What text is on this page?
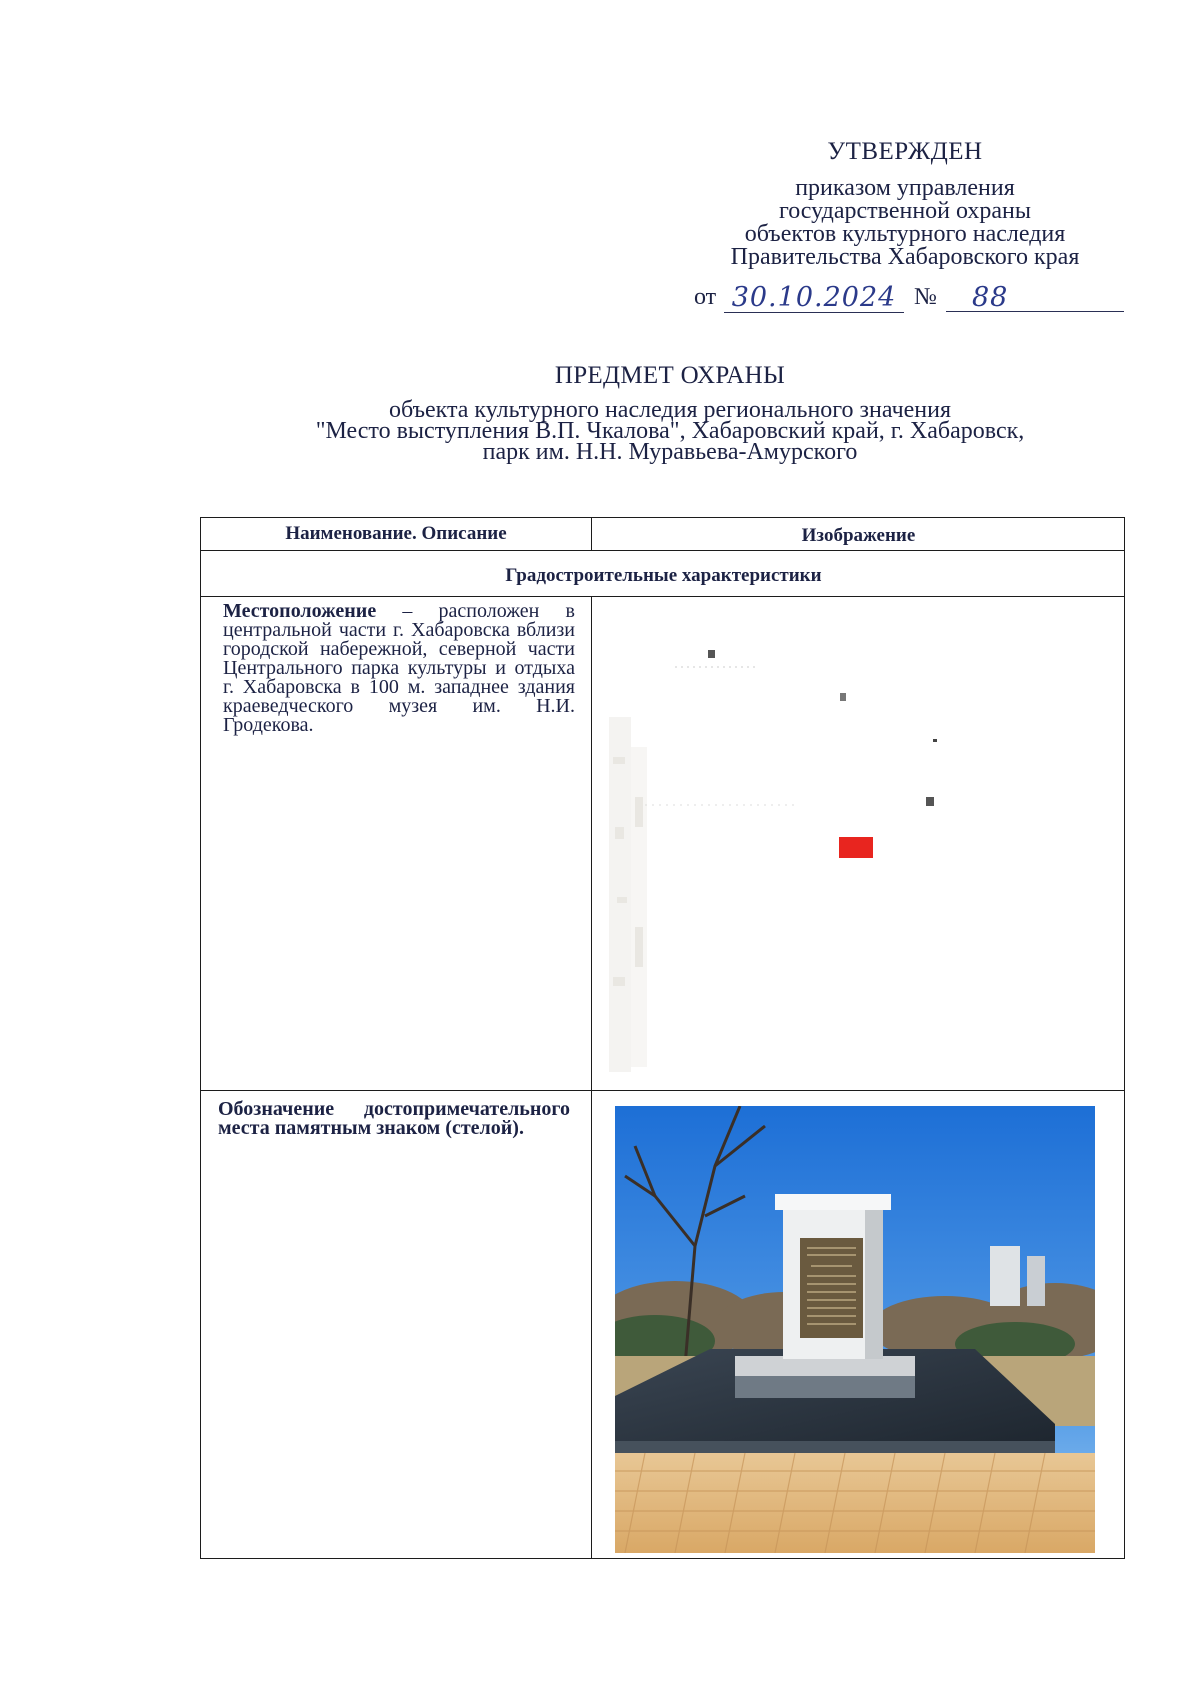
УТВЕРЖДЕН
приказом управления
государственной охраны
объектов культурного наследия
Правительства Хабаровского края
от 30.10.2024 №	88
ПРЕДМЕТ ОХРАНЫ
объекта культурного наследия регионального значения
"Место выступления В.П. Чкалова", Хабаровский край, г. Хабаровск,
парк им. Н.Н. Муравьева-Амурского
Наименование. Описание	Изображение
Градостроительные характеристики
Местоположение – расположен в центральной части г. Хабаровска вблизи городской набережной, северной части Центрального парка культуры и отдыха г. Хабаровска в 100 м. западнее здания краеведческого музея им. Н.И. Гродекова.
Обозначение достопримечательного места памятным знаком (стелой).
